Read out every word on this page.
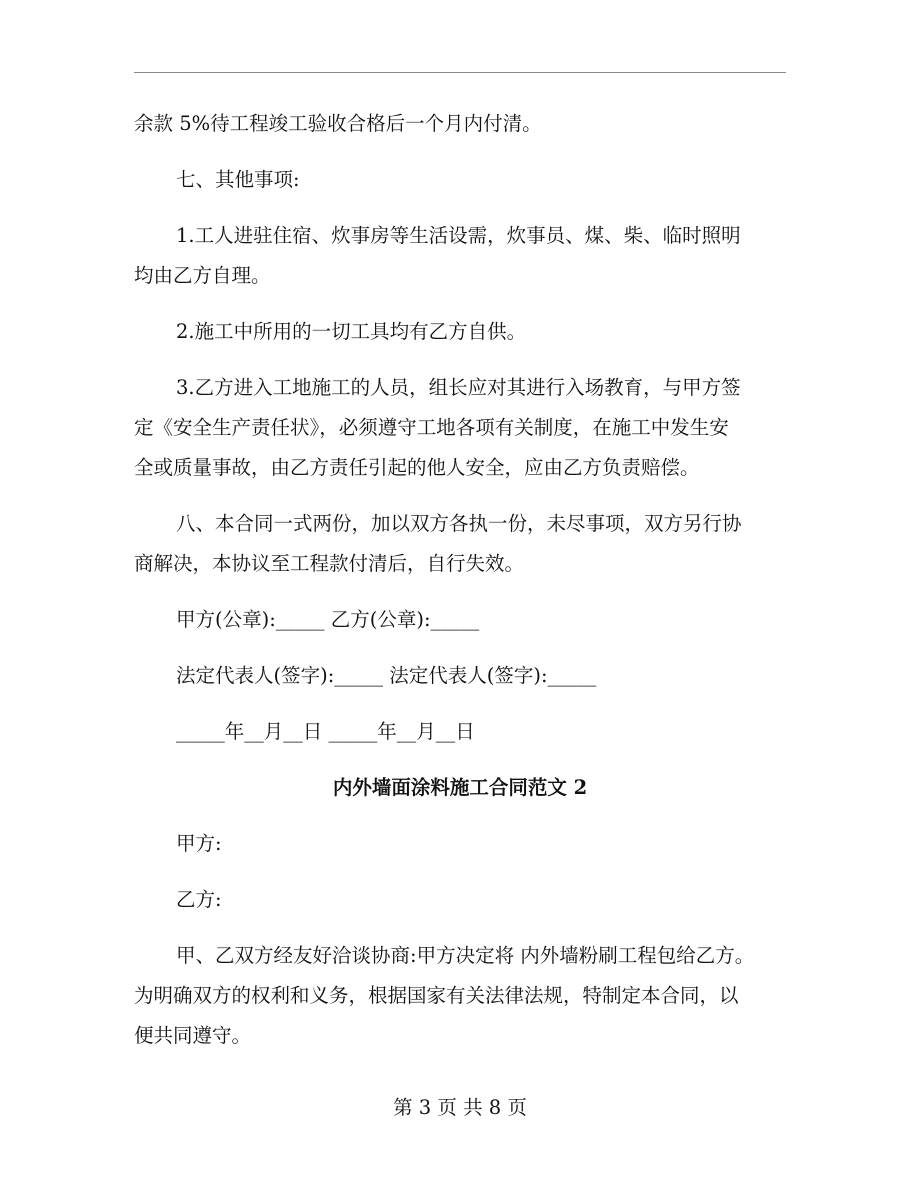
余款 5%待工程竣工验收合格后一个月内付清。
七、其他事项:
1.工人进驻住宿、炊事房等生活设需，炊事员、煤、柴、临时照明
均由乙方自理。
2.施工中所用的一切工具均有乙方自供。
3.乙方进入工地施工的人员，组长应对其进行入场教育，与甲方签
定《安全生产责任状》，必须遵守工地各项有关制度，在施工中发生安
全或质量事故，由乙方责任引起的他人安全，应由乙方负责赔偿。
八、本合同一式两份，加以双方各执一份，未尽事项，双方另行协
商解决，本协议至工程款付清后，自行失效。
甲方(公章):_____ 乙方(公章):_____
法定代表人(签字):_____ 法定代表人(签字):_____
_____年__月__日 _____年__月__日
内外墙面涂料施工合同范文 2
甲方:
乙方:
甲、乙双方经友好洽谈协商:甲方决定将 内外墙粉刷工程包给乙方。
为明确双方的权利和义务，根据国家有关法律法规，特制定本合同，以
便共同遵守。
第 3 页 共 8 页
